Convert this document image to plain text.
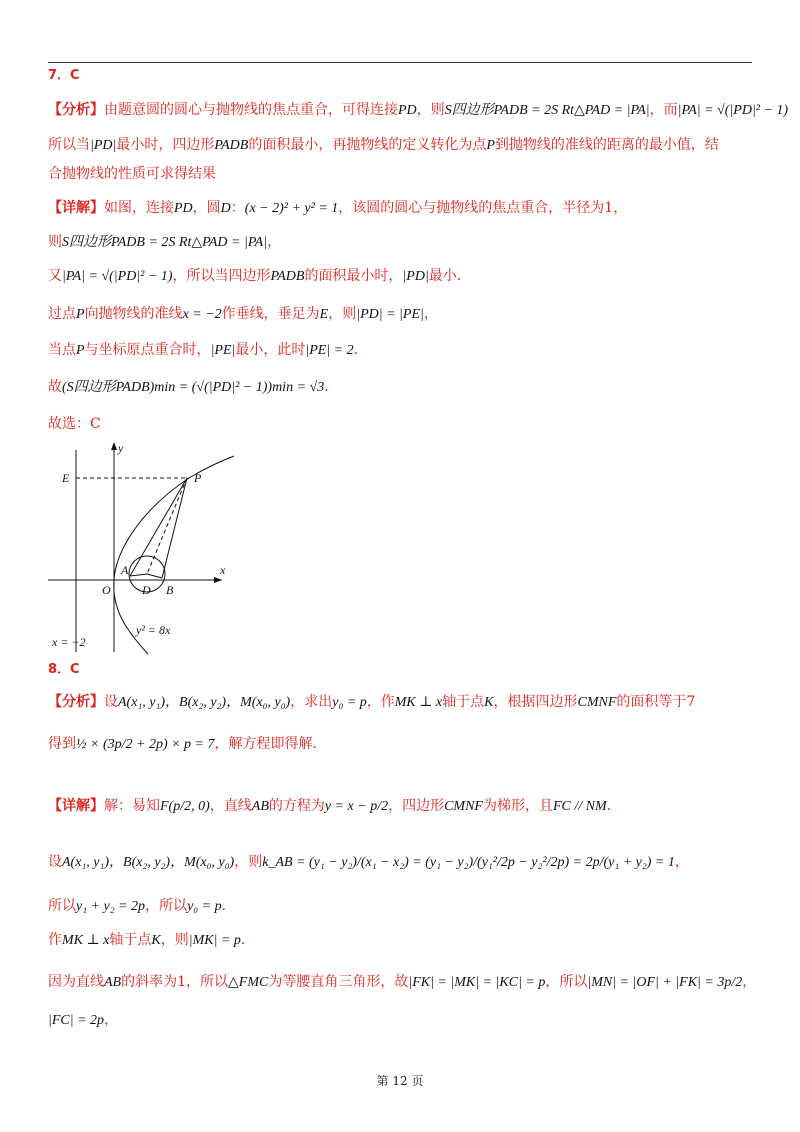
7．C
【分析】由题意圆的圆心与抛物线的焦点重合，可得连接PD，则S四边形PADB = 2S Rt△PAD = |PA|，而|PA| = √(|PD|² − 1)
所以当|PD|最小时，四边形PADB的面积最小，再抛物线的定义转化为点P到抛物线的准线的距离的最小值，结
合抛物线的性质可求得结果
【详解】如图，连接PD，圆D：(x − 2)² + y² = 1，该圆的圆心与抛物线的焦点重合，半径为1，
则S四边形PADB = 2S Rt△PAD = |PA|，
又|PA| = √(|PD|² − 1)，所以当四边形PADB的面积最小时，|PD|最小．
过点P向抛物线的准线x = −2作垂线，垂足为E，则|PD| = |PE|，
当点P与坐标原点重合时，|PE|最小，此时|PE| = 2．
故(S四边形PADB)min = (√(|PD|² − 1))min = √3．
故选：C
y
x
E	P
A
O	D B
x = −2
y² = 8x
8．C
【分析】设A(x₁, y₁)，B(x₂, y₂)，M(x₀, y₀)，求出y₀ = p，作MK ⊥ x轴于点K，根据四边形CMNF的面积等于7
得到½ × (3p/2 + 2p) × p = 7，解方程即得解．
【详解】解：易知F(p/2, 0)，直线AB的方程为y = x − p/2，四边形CMNF为梯形，且FC // NM．
设A(x₁, y₁)，B(x₂, y₂)，M(x₀, y₀)，则k_AB = (y₁ − y₂)/(x₁ − x₂) = (y₁ − y₂)/(y₁²/2p − y₂²/2p) = 2p/(y₁ + y₂) = 1，
所以y₁ + y₂ = 2p，所以y₀ = p．
作MK ⊥ x轴于点K，则|MK| = p．
因为直线AB的斜率为1，所以△FMC为等腰直角三角形，故|FK| = |MK| = |KC| = p，所以|MN| = |OF| + |FK| = 3p/2，
|FC| = 2p，
第 12 页
